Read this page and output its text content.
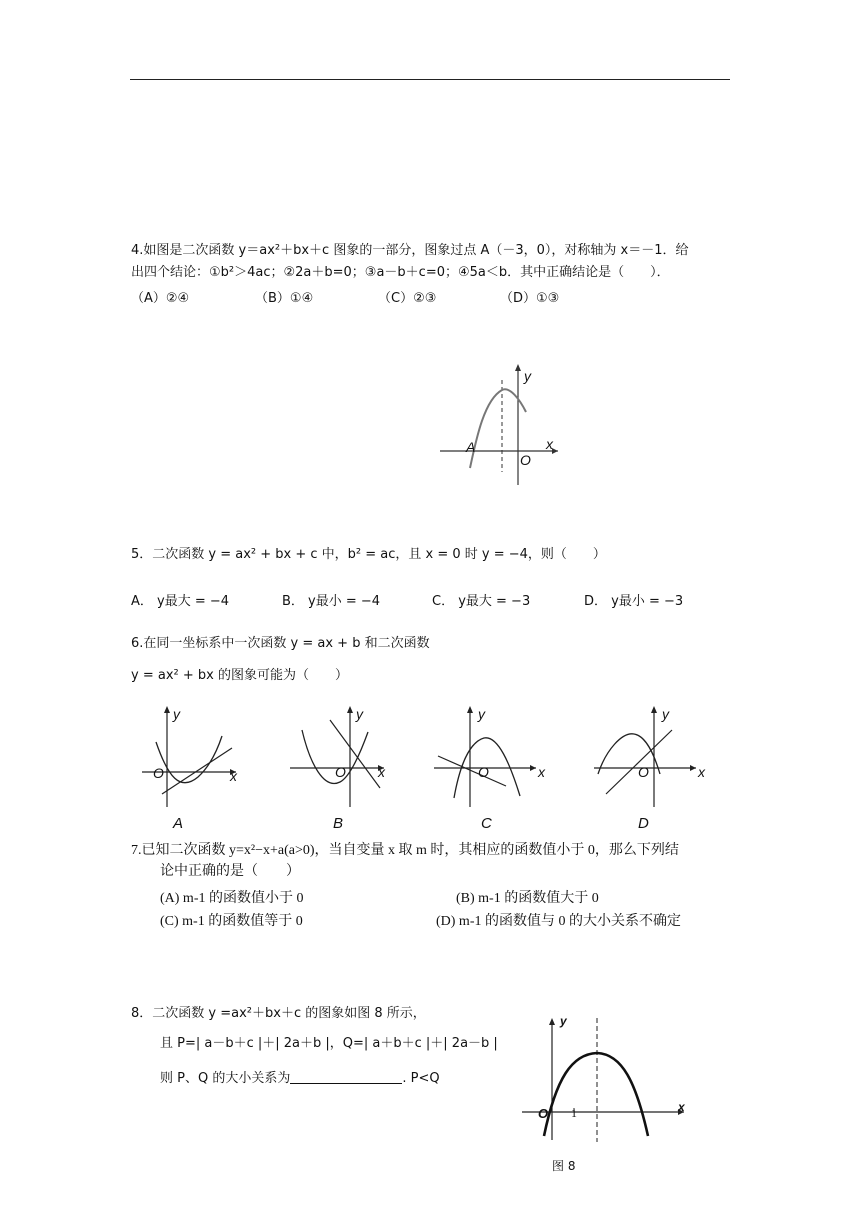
4.如图是二次函数 y＝ax²＋bx＋c 图象的一部分，图象过点 A（－3，0），对称轴为 x＝－1．给
出四个结论：①b²＞4ac；②2a＋b=0；③a－b＋c=0；④5a＜b．其中正确结论是（　　）．
（A）②④	（B）①④	（C）②③	（D）①③
y
x
A
O
5．二次函数 y = ax² + bx + c 中，b² = ac，且 x = 0 时 y = −4，则（　　）
A． y最大 = −4	B． y最小 = −4	C． y最大 = −3	D． y最小 = −3
6.在同一坐标系中一次函数 y = ax + b 和二次函数
y = ax² + bx 的图象可能为（　　）
y
x
O
A
y
x
O
B
y
x
O
C
y
x
O
D
7.已知二次函数 y=x²−x+a(a>0)，当自变量 x 取 m 时，其相应的函数值小于 0，那么下列结
论中正确的是（　　）
(A) m-1 的函数值小于 0	(B) m-1 的函数值大于 0
(C) m-1 的函数值等于 0	(D) m-1 的函数值与 0 的大小关系不确定
8．二次函数 y =ax²＋bx＋c 的图象如图 8 所示，
且 P=| a－b＋c |＋| 2a＋b |，Q=| a＋b＋c |＋| 2a－b |
则 P、Q 的大小关系为	. P<Q
y
x
O 1
图 8
